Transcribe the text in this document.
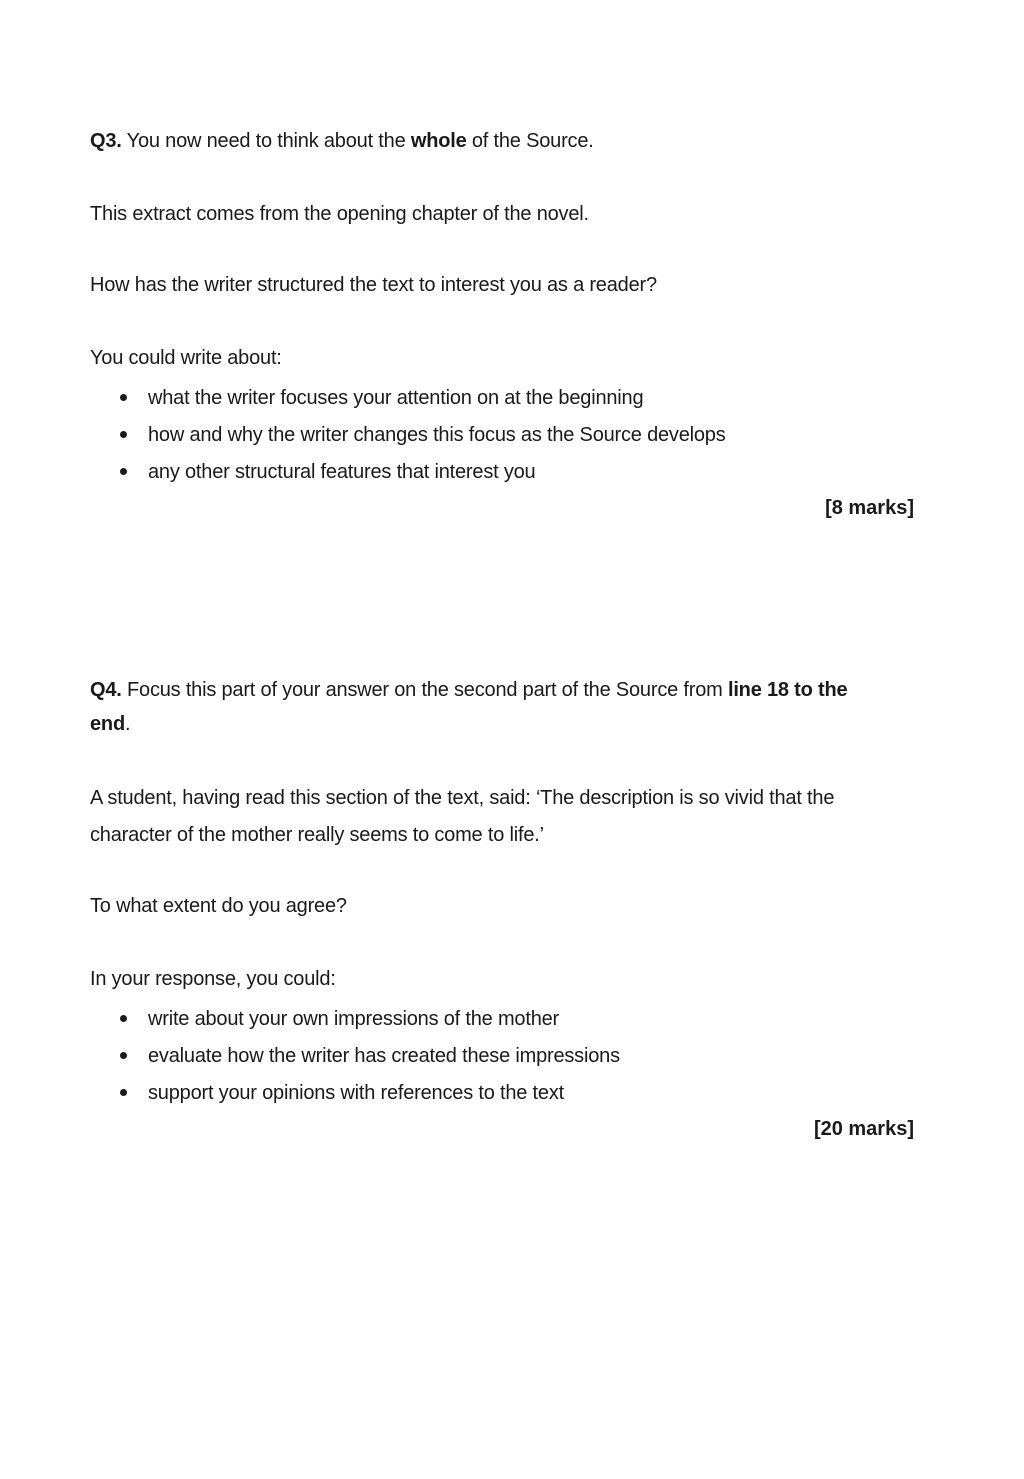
Q3. You now need to think about the whole of the Source.
This extract comes from the opening chapter of the novel.
How has the writer structured the text to interest you as a reader?
You could write about:
what the writer focuses your attention on at the beginning
how and why the writer changes this focus as the Source develops
any other structural features that interest you
[8 marks]
Q4. Focus this part of your answer on the second part of the Source from line 18 to the
end.
A student, having read this section of the text, said: ‘The description is so vivid that the
character of the mother really seems to come to life.’
To what extent do you agree?
In your response, you could:
write about your own impressions of the mother
evaluate how the writer has created these impressions
support your opinions with references to the text
[20 marks]
